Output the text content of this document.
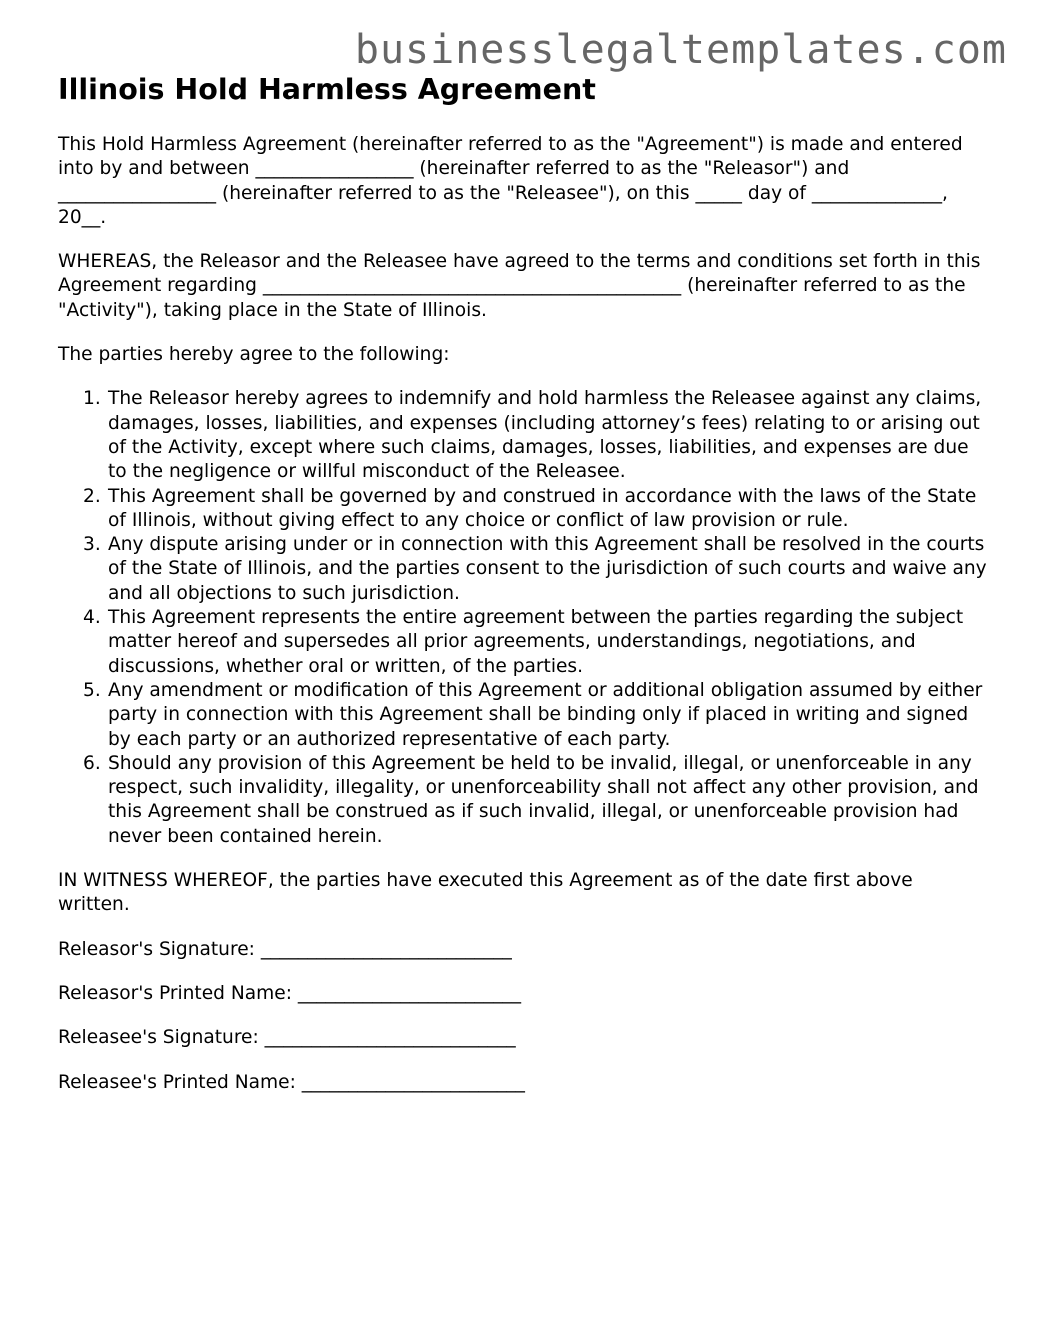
businesslegaltemplates.com
Illinois Hold Harmless Agreement

This Hold Harmless Agreement (hereinafter referred to as the "Agreement") is made and entered into by and between _________________ (hereinafter referred to as the "Releasor") and _________________ (hereinafter referred to as the "Releasee"), on this _____ day of ______________, 20__.

WHEREAS, the Releasor and the Releasee have agreed to the terms and conditions set forth in this Agreement regarding _____________________________________________ (hereinafter referred to as the "Activity"), taking place in the State of Illinois.

The parties hereby agree to the following:

1. The Releasor hereby agrees to indemnify and hold harmless the Releasee against any claims, damages, losses, liabilities, and expenses (including attorney’s fees) relating to or arising out of the Activity, except where such claims, damages, losses, liabilities, and expenses are due to the negligence or willful misconduct of the Releasee.
2. This Agreement shall be governed by and construed in accordance with the laws of the State of Illinois, without giving effect to any choice or conflict of law provision or rule.
3. Any dispute arising under or in connection with this Agreement shall be resolved in the courts of the State of Illinois, and the parties consent to the jurisdiction of such courts and waive any and all objections to such jurisdiction.
4. This Agreement represents the entire agreement between the parties regarding the subject matter hereof and supersedes all prior agreements, understandings, negotiations, and discussions, whether oral or written, of the parties.
5. Any amendment or modification of this Agreement or additional obligation assumed by either party in connection with this Agreement shall be binding only if placed in writing and signed by each party or an authorized representative of each party.
6. Should any provision of this Agreement be held to be invalid, illegal, or unenforceable in any respect, such invalidity, illegality, or unenforceability shall not affect any other provision, and this Agreement shall be construed as if such invalid, illegal, or unenforceable provision had never been contained herein.

IN WITNESS WHEREOF, the parties have executed this Agreement as of the date first above written.

Releasor's Signature: ___________________________

Releasor's Printed Name: ________________________

Releasee's Signature: ___________________________

Releasee's Printed Name: ________________________
